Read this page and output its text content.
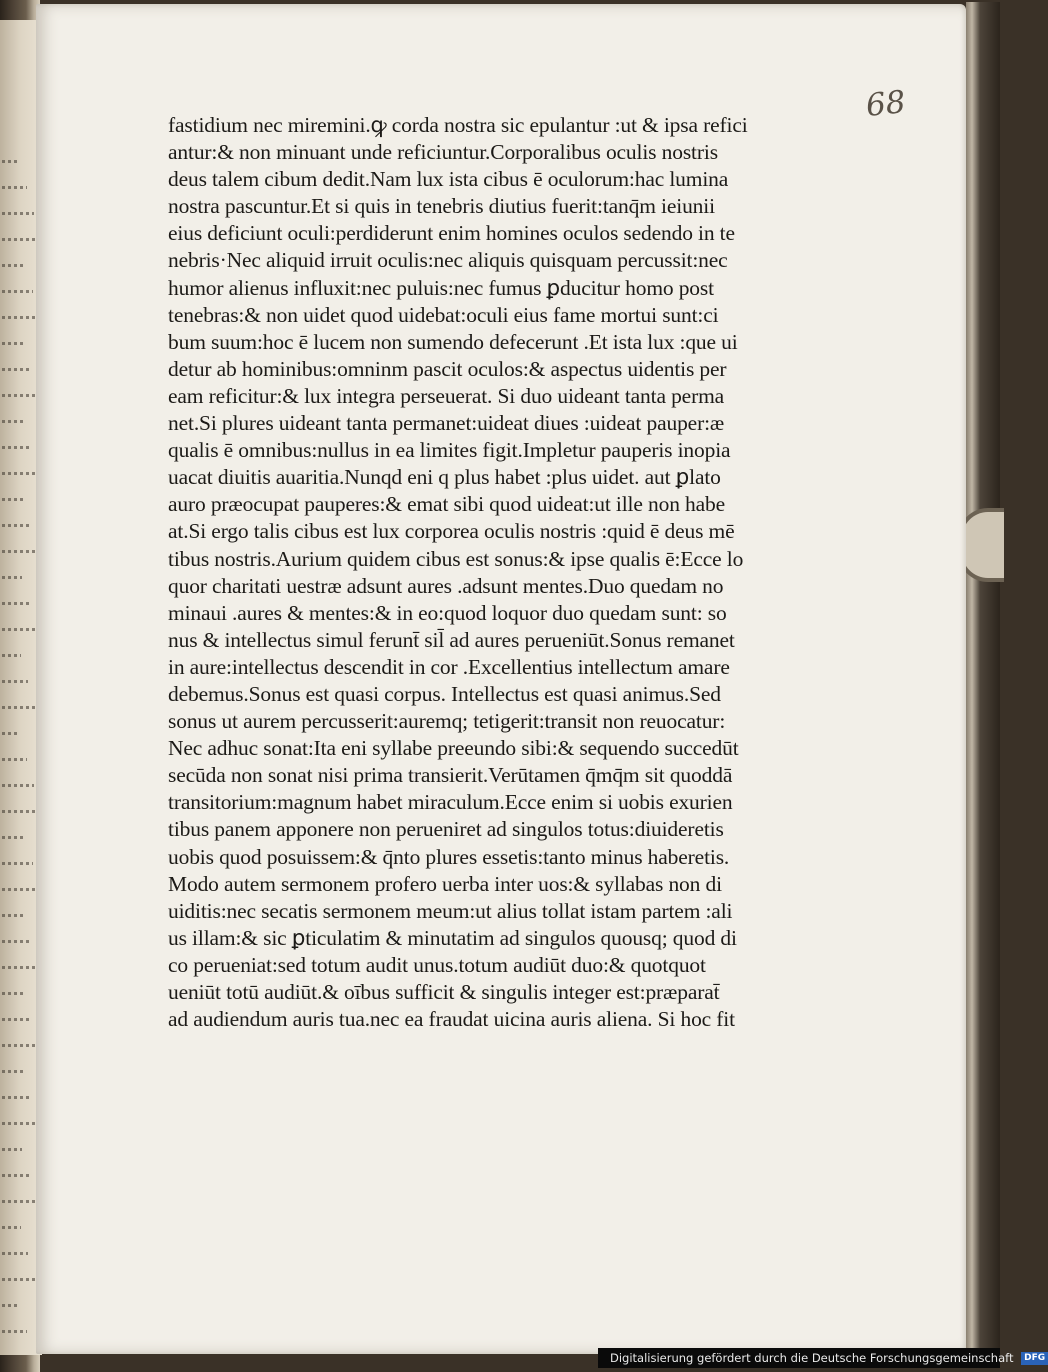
68
fastidium nec miremini.ꝙ corda nostra sic epulantur :ut & ipsa refici
antur:& non minuant unde reficiuntur.Corporalibus oculis nostris
deus talem cibum dedit.Nam lux ista cibus ē oculorum:hac lumina
nostra pascuntur.Et si quis in tenebris diutius fuerit:tanq̄m ieiunii
eius deficiunt oculi:perdiderunt enim homines oculos sedendo in te
nebris·Nec aliquid irruit oculis:nec aliquis quisquam percussit:nec
humor alienus influxit:nec puluis:nec fumus ꝑducitur homo post
tenebras:& non uidet quod uidebat:oculi eius fame mortui sunt:ci
bum suum:hoc ē lucem non sumendo defecerunt .Et ista lux :que ui
detur ab hominibus:omninm pascit oculos:& aspectus uidentis per
eam reficitur:& lux integra perseuerat. Si duo uideant tanta perma
net.Si plures uideant tanta permanet:uideat diues :uideat pauper:æ
qualis ē omnibus:nullus in ea limites figit.Impletur pauperis inopia
uacat diuitis auaritia.Nunqd eni q plus habet :plus uidet. aut ꝑlato
auro præocupat pauperes:& emat sibi quod uideat:ut ille non habe
at.Si ergo talis cibus est lux corporea oculis nostris :quid ē deus mē
tibus nostris.Aurium quidem cibus est sonus:& ipse qualis ē:Ecce lo
quor charitati uestræ adsunt aures .adsunt mentes.Duo quedam no
minaui .aures & mentes:& in eo:quod loquor duo quedam sunt: so
nus & intellectus simul ferunt̄ sil̄ ad aures perueniūt.Sonus remanet
in aure:intellectus descendit in cor .Excellentius intellectum amare
debemus.Sonus est quasi corpus. Intellectus est quasi animus.Sed
sonus ut aurem percusserit:auremq; tetigerit:transit non reuocatur:
Nec adhuc sonat:Ita eni syllabe preeundo sibi:& sequendo succedūt
secūda non sonat nisi prima transierit.Verūtamen q̄mq̄m sit quoddā
transitorium:magnum habet miraculum.Ecce enim si uobis exurien
tibus panem apponere non perueniret ad singulos totus:diuideretis
uobis quod posuissem:& q̄nto plures essetis:tanto minus haberetis.
Modo autem sermonem profero uerba inter uos:& syllabas non di
uiditis:nec secatis sermonem meum:ut alius tollat istam partem :ali
us illam:& sic ꝑticulatim & minutatim ad singulos quousq; quod di
co perueniat:sed totum audit unus.totum audiūt duo:& quotquot
ueniūt totū audiūt.& oībus sufficit & singulis integer est:præparat̄
ad audiendum auris tua.nec ea fraudat uicina auris aliena. Si hoc fit
Digitalisierung gefördert durch die Deutsche Forschungsgemeinschaft DFG
